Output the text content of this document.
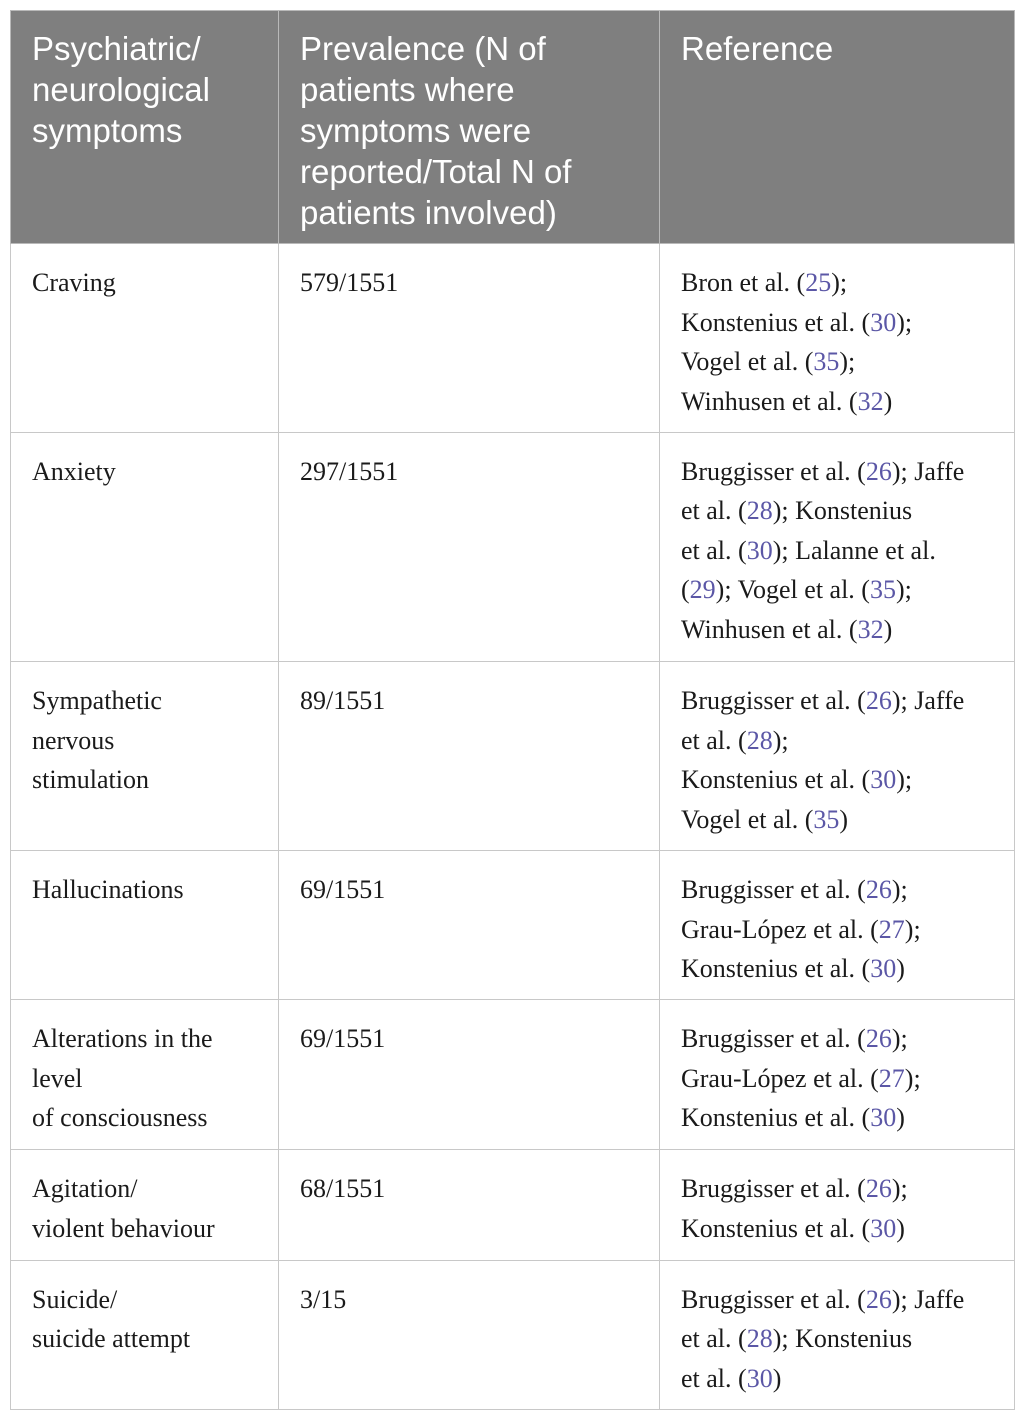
Psychiatric/
neurological
symptoms	Prevalence (N of
patients where
symptoms were
reported/Total N of
patients involved)	Reference

Craving	579/1551	Bron et al. (25);
Konstenius et al. (30);
Vogel et al. (35);
Winhusen et al. (32)

Anxiety	297/1551	Bruggisser et al. (26); Jaffe
et al. (28); Konstenius
et al. (30); Lalanne et al.
(29); Vogel et al. (35);
Winhusen et al. (32)

Sympathetic
nervous
stimulation	89/1551	Bruggisser et al. (26); Jaffe
et al. (28);
Konstenius et al. (30);
Vogel et al. (35)

Hallucinations	69/1551	Bruggisser et al. (26);
Grau-López et al. (27);
Konstenius et al. (30)

Alterations in the
level
of consciousness	69/1551	Bruggisser et al. (26);
Grau-López et al. (27);
Konstenius et al. (30)

Agitation/
violent behaviour	68/1551	Bruggisser et al. (26);
Konstenius et al. (30)

Suicide/
suicide attempt	3/15	Bruggisser et al. (26); Jaffe
et al. (28); Konstenius
et al. (30)
